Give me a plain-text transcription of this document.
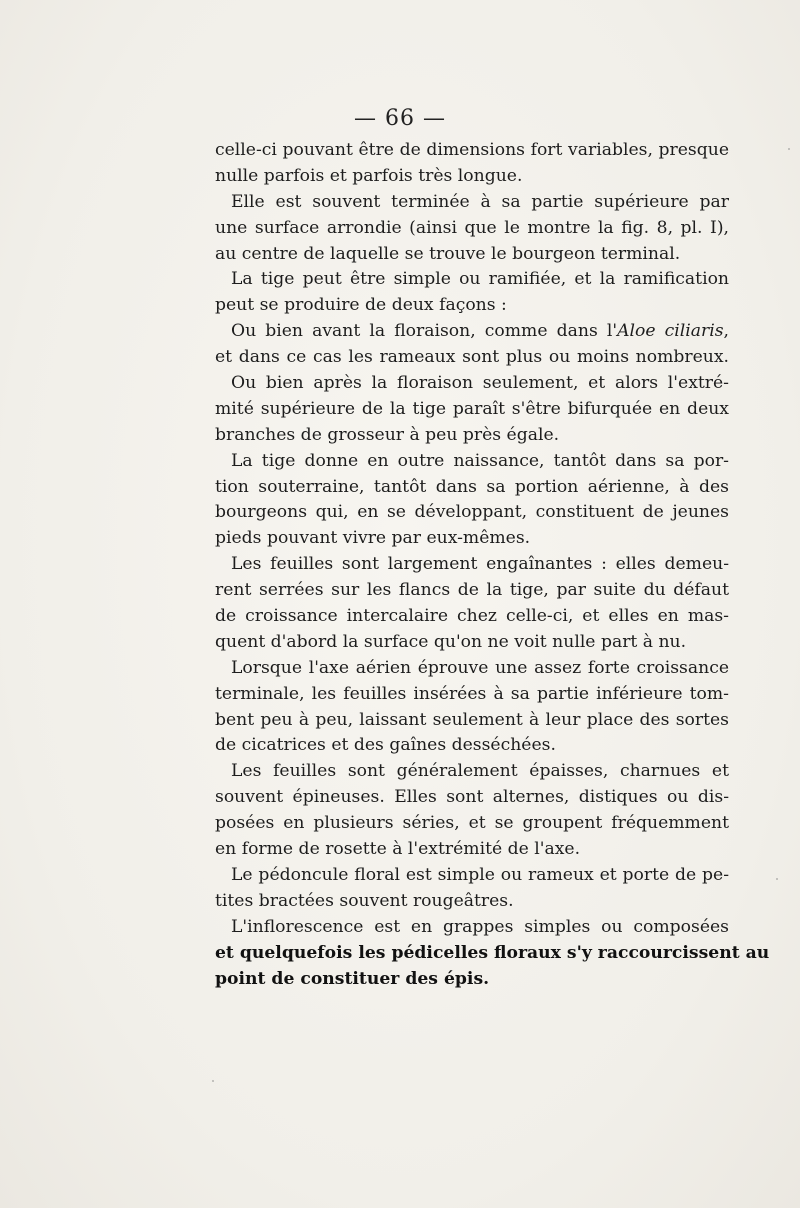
— 66 —
celle-ci pouvant être de dimensions fort variables, presque
nulle parfois et parfois très longue.
Elle est souvent terminée à sa partie supérieure par
une surface arrondie (ainsi que le montre la fig. 8, pl. I),
au centre de laquelle se trouve le bourgeon terminal.
La tige peut être simple ou ramifiée, et la ramification
peut se produire de deux façons :
Ou bien avant la floraison, comme dans l'Aloe ciliaris,
et dans ce cas les rameaux sont plus ou moins nombreux.
Ou bien après la floraison seulement, et alors l'extré-
mité supérieure de la tige paraît s'être bifurquée en deux
branches de grosseur à peu près égale.
La tige donne en outre naissance, tantôt dans sa por-
tion souterraine, tantôt dans sa portion aérienne, à des
bourgeons qui, en se développant, constituent de jeunes
pieds pouvant vivre par eux-mêmes.
Les feuilles sont largement engaînantes : elles demeu-
rent serrées sur les flancs de la tige, par suite du défaut
de croissance intercalaire chez celle-ci, et elles en mas-
quent d'abord la surface qu'on ne voit nulle part à nu.
Lorsque l'axe aérien éprouve une assez forte croissance
terminale, les feuilles insérées à sa partie inférieure tom-
bent peu à peu, laissant seulement à leur place des sortes
de cicatrices et des gaînes desséchées.
Les feuilles sont généralement épaisses, charnues et
souvent épineuses. Elles sont alternes, distiques ou dis-
posées en plusieurs séries, et se groupent fréquemment
en forme de rosette à l'extrémité de l'axe.
Le pédoncule floral est simple ou rameux et porte de pe-
tites bractées souvent rougeâtres.
L'inflorescence est en grappes simples ou composées
et quelquefois les pédicelles floraux s'y raccourcissent au
point de constituer des épis.
